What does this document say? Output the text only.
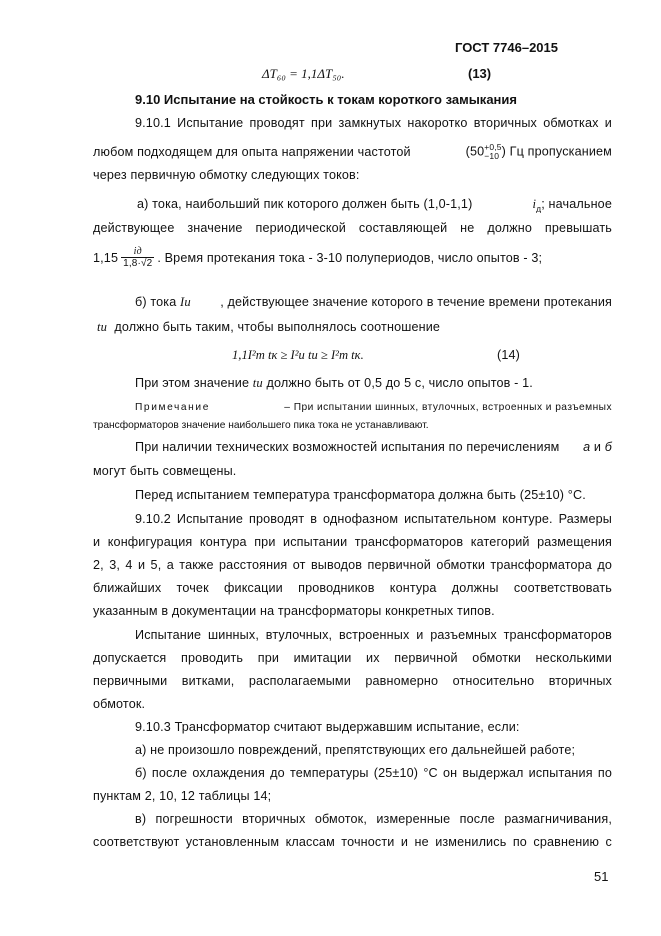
ГОСТ 7746–2015
ΔT₆₀ = 1,1ΔT₅₀.	(13)
9.10 Испытание на стойкость к токам короткого замыкания
9.10.1 Испытание проводят при замкнутых накоротко вторичных обмотках и
любом подходящем для опыта напряжении частотой	(50 +0,5
−10 ) Гц пропусканием
через первичную обмотку следующих токов:
а) тока, наибольший пик которого должен быть (1,0-1,1)	$i_д$; начальное
действующее значение периодической составляющей не должно превышать
$1,15 \frac{iд}{1,8\cdot√2}$ . Время протекания тока - 3-10 полупериодов, число опытов - 3;
б) тока Iи , действующее значение которого в течение времени протекания
tи должно быть таким, чтобы выполнялось соотношение
1,1I²т tк ≥ I²и tи ≥ I²т tк.	(14)
При этом значение tи должно быть от 0,5 до 5 с, число опытов - 1.
Примечание	– При испытании шинных, втулочных, встроенных и разъемных
трансформаторов значение наибольшего пика тока не устанавливают.
При наличии технических возможностей испытания по перечислениям а и б
могут быть совмещены.
Перед испытанием температура трансформатора должна быть (25±10) °С.
9.10.2 Испытание проводят в однофазном испытательном контуре. Размеры
и конфигурация контура при испытании трансформаторов категорий размещения
2, 3, 4 и 5, а также расстояния от выводов первичной обмотки трансформатора до
ближайших точек фиксации проводников контура должны соответствовать
указанным в документации на трансформаторы конкретных типов.
Испытание шинных, втулочных, встроенных и разъемных трансформаторов
допускается проводить при имитации их первичной обмотки несколькими
первичными витками, располагаемыми равномерно относительно вторичных
обмоток.
9.10.3 Трансформатор считают выдержавшим испытание, если:
а) не произошло повреждений, препятствующих его дальнейшей работе;
б) после охлаждения до температуры (25±10) °С он выдержал испытания по
пунктам 2, 10, 12 таблицы 14;
в) погрешности вторичных обмоток, измеренные после размагничивания,
соответствуют установленным классам точности и не изменились по сравнению с
51
